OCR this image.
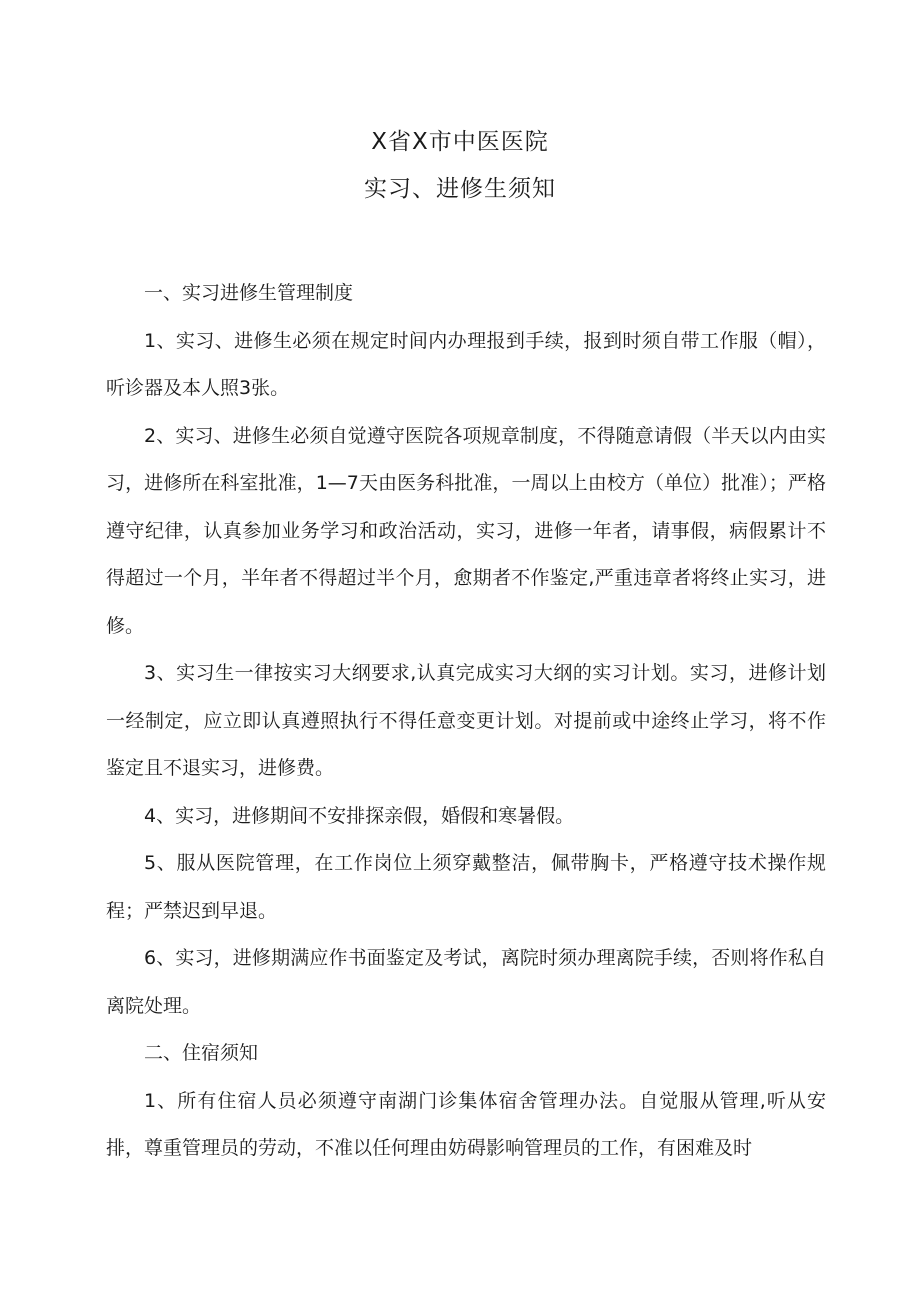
X省X市中医医院
实习、进修生须知

一、实习进修生管理制度

1、实习、进修生必须在规定时间内办理报到手续，报到时须自带工作服（帽），听诊器及本人照3张。

2、实习、进修生必须自觉遵守医院各项规章制度，不得随意请假（半天以内由实习，进修所在科室批准，1—7天由医务科批准，一周以上由校方（单位）批准）；严格遵守纪律，认真参加业务学习和政治活动，实习，进修一年者，请事假，病假累计不得超过一个月，半年者不得超过半个月，愈期者不作鉴定,严重违章者将终止实习，进修。

3、实习生一律按实习大纲要求,认真完成实习大纲的实习计划。实习，进修计划一经制定，应立即认真遵照执行不得任意变更计划。对提前或中途终止学习，将不作鉴定且不退实习，进修费。

4、实习，进修期间不安排探亲假，婚假和寒暑假。

5、服从医院管理，在工作岗位上须穿戴整洁，佩带胸卡，严格遵守技术操作规程；严禁迟到早退。

6、实习，进修期满应作书面鉴定及考试，离院时须办理离院手续，否则将作私自离院处理。

二、住宿须知

1、所有住宿人员必须遵守南湖门诊集体宿舍管理办法。自觉服从管理,听从安排，尊重管理员的劳动，不准以任何理由妨碍影响管理员的工作，有困难及时
